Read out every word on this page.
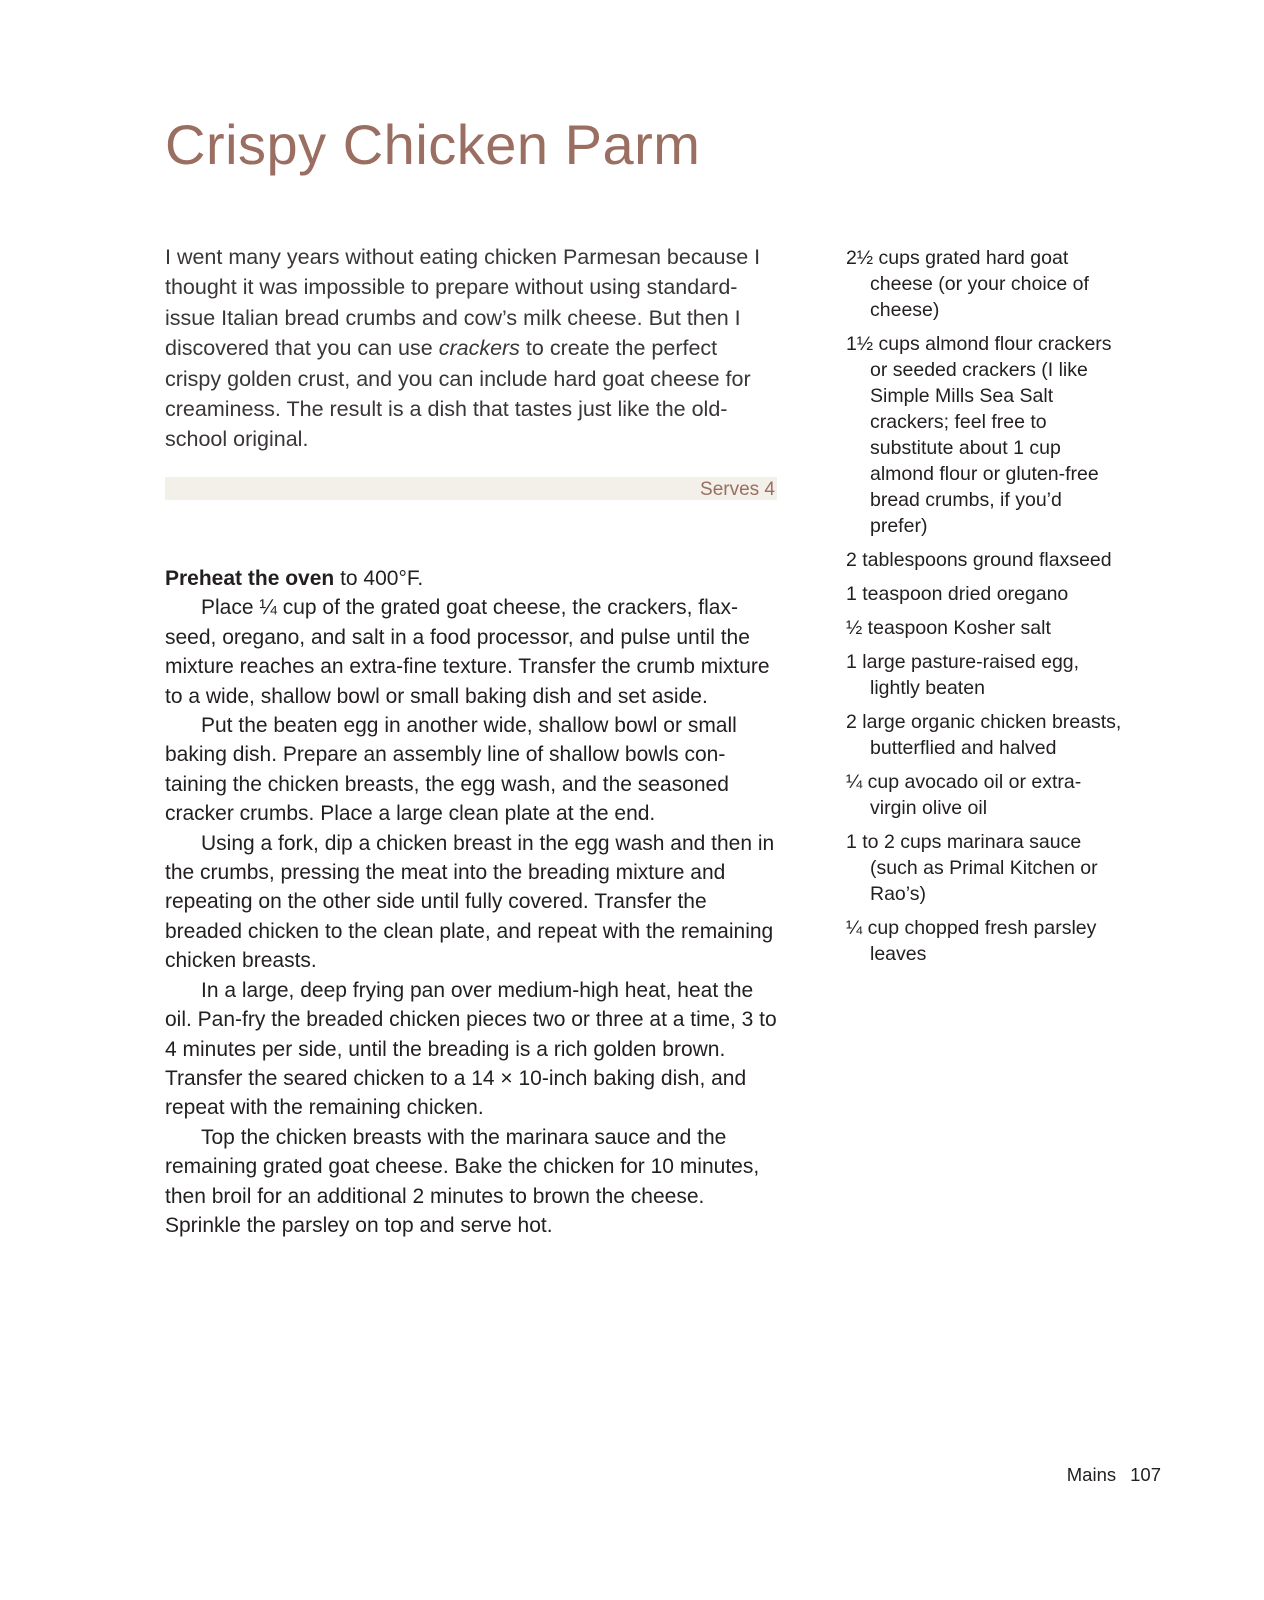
Crispy Chicken Parm

I went many years without eating chicken Parmesan because I thought it was impossible to prepare without using standard-issue Italian bread crumbs and cow’s milk cheese. But then I discovered that you can use crackers to create the perfect crispy golden crust, and you can include hard goat cheese for creaminess. The result is a dish that tastes just like the old-school original.

Serves 4
2½ cups grated hard goat cheese (or your choice of cheese)
1½ cups almond flour crackers or seeded crackers (I like Simple Mills Sea Salt crackers; feel free to substitute about 1 cup almond flour or gluten-free bread crumbs, if you’d prefer)
2 tablespoons ground flaxseed
1 teaspoon dried oregano
½ teaspoon Kosher salt
1 large pasture-raised egg, lightly beaten
2 large organic chicken breasts, butterflied and halved
¼ cup avocado oil or extra-virgin olive oil
1 to 2 cups marinara sauce (such as Primal Kitchen or Rao’s)
¼ cup chopped fresh parsley leaves

Preheat the oven to 400°F.

Place ¼ cup of the grated goat cheese, the crackers, flaxseed, oregano, and salt in a food processor, and pulse until the mixture reaches an extra-fine texture. Transfer the crumb mixture to a wide, shallow bowl or small baking dish and set aside.

Put the beaten egg in another wide, shallow bowl or small baking dish. Prepare an assembly line of shallow bowls containing the chicken breasts, the egg wash, and the seasoned cracker crumbs. Place a large clean plate at the end.

Using a fork, dip a chicken breast in the egg wash and then in the crumbs, pressing the meat into the breading mixture and repeating on the other side until fully covered. Transfer the breaded chicken to the clean plate, and repeat with the remaining chicken breasts.

In a large, deep frying pan over medium-high heat, heat the oil. Pan-fry the breaded chicken pieces two or three at a time, 3 to 4 minutes per side, until the breading is a rich golden brown. Transfer the seared chicken to a 14 × 10-inch baking dish, and repeat with the remaining chicken.

Top the chicken breasts with the marinara sauce and the remaining grated goat cheese. Bake the chicken for 10 minutes, then broil for an additional 2 minutes to brown the cheese. Sprinkle the parsley on top and serve hot.

Mains 107
